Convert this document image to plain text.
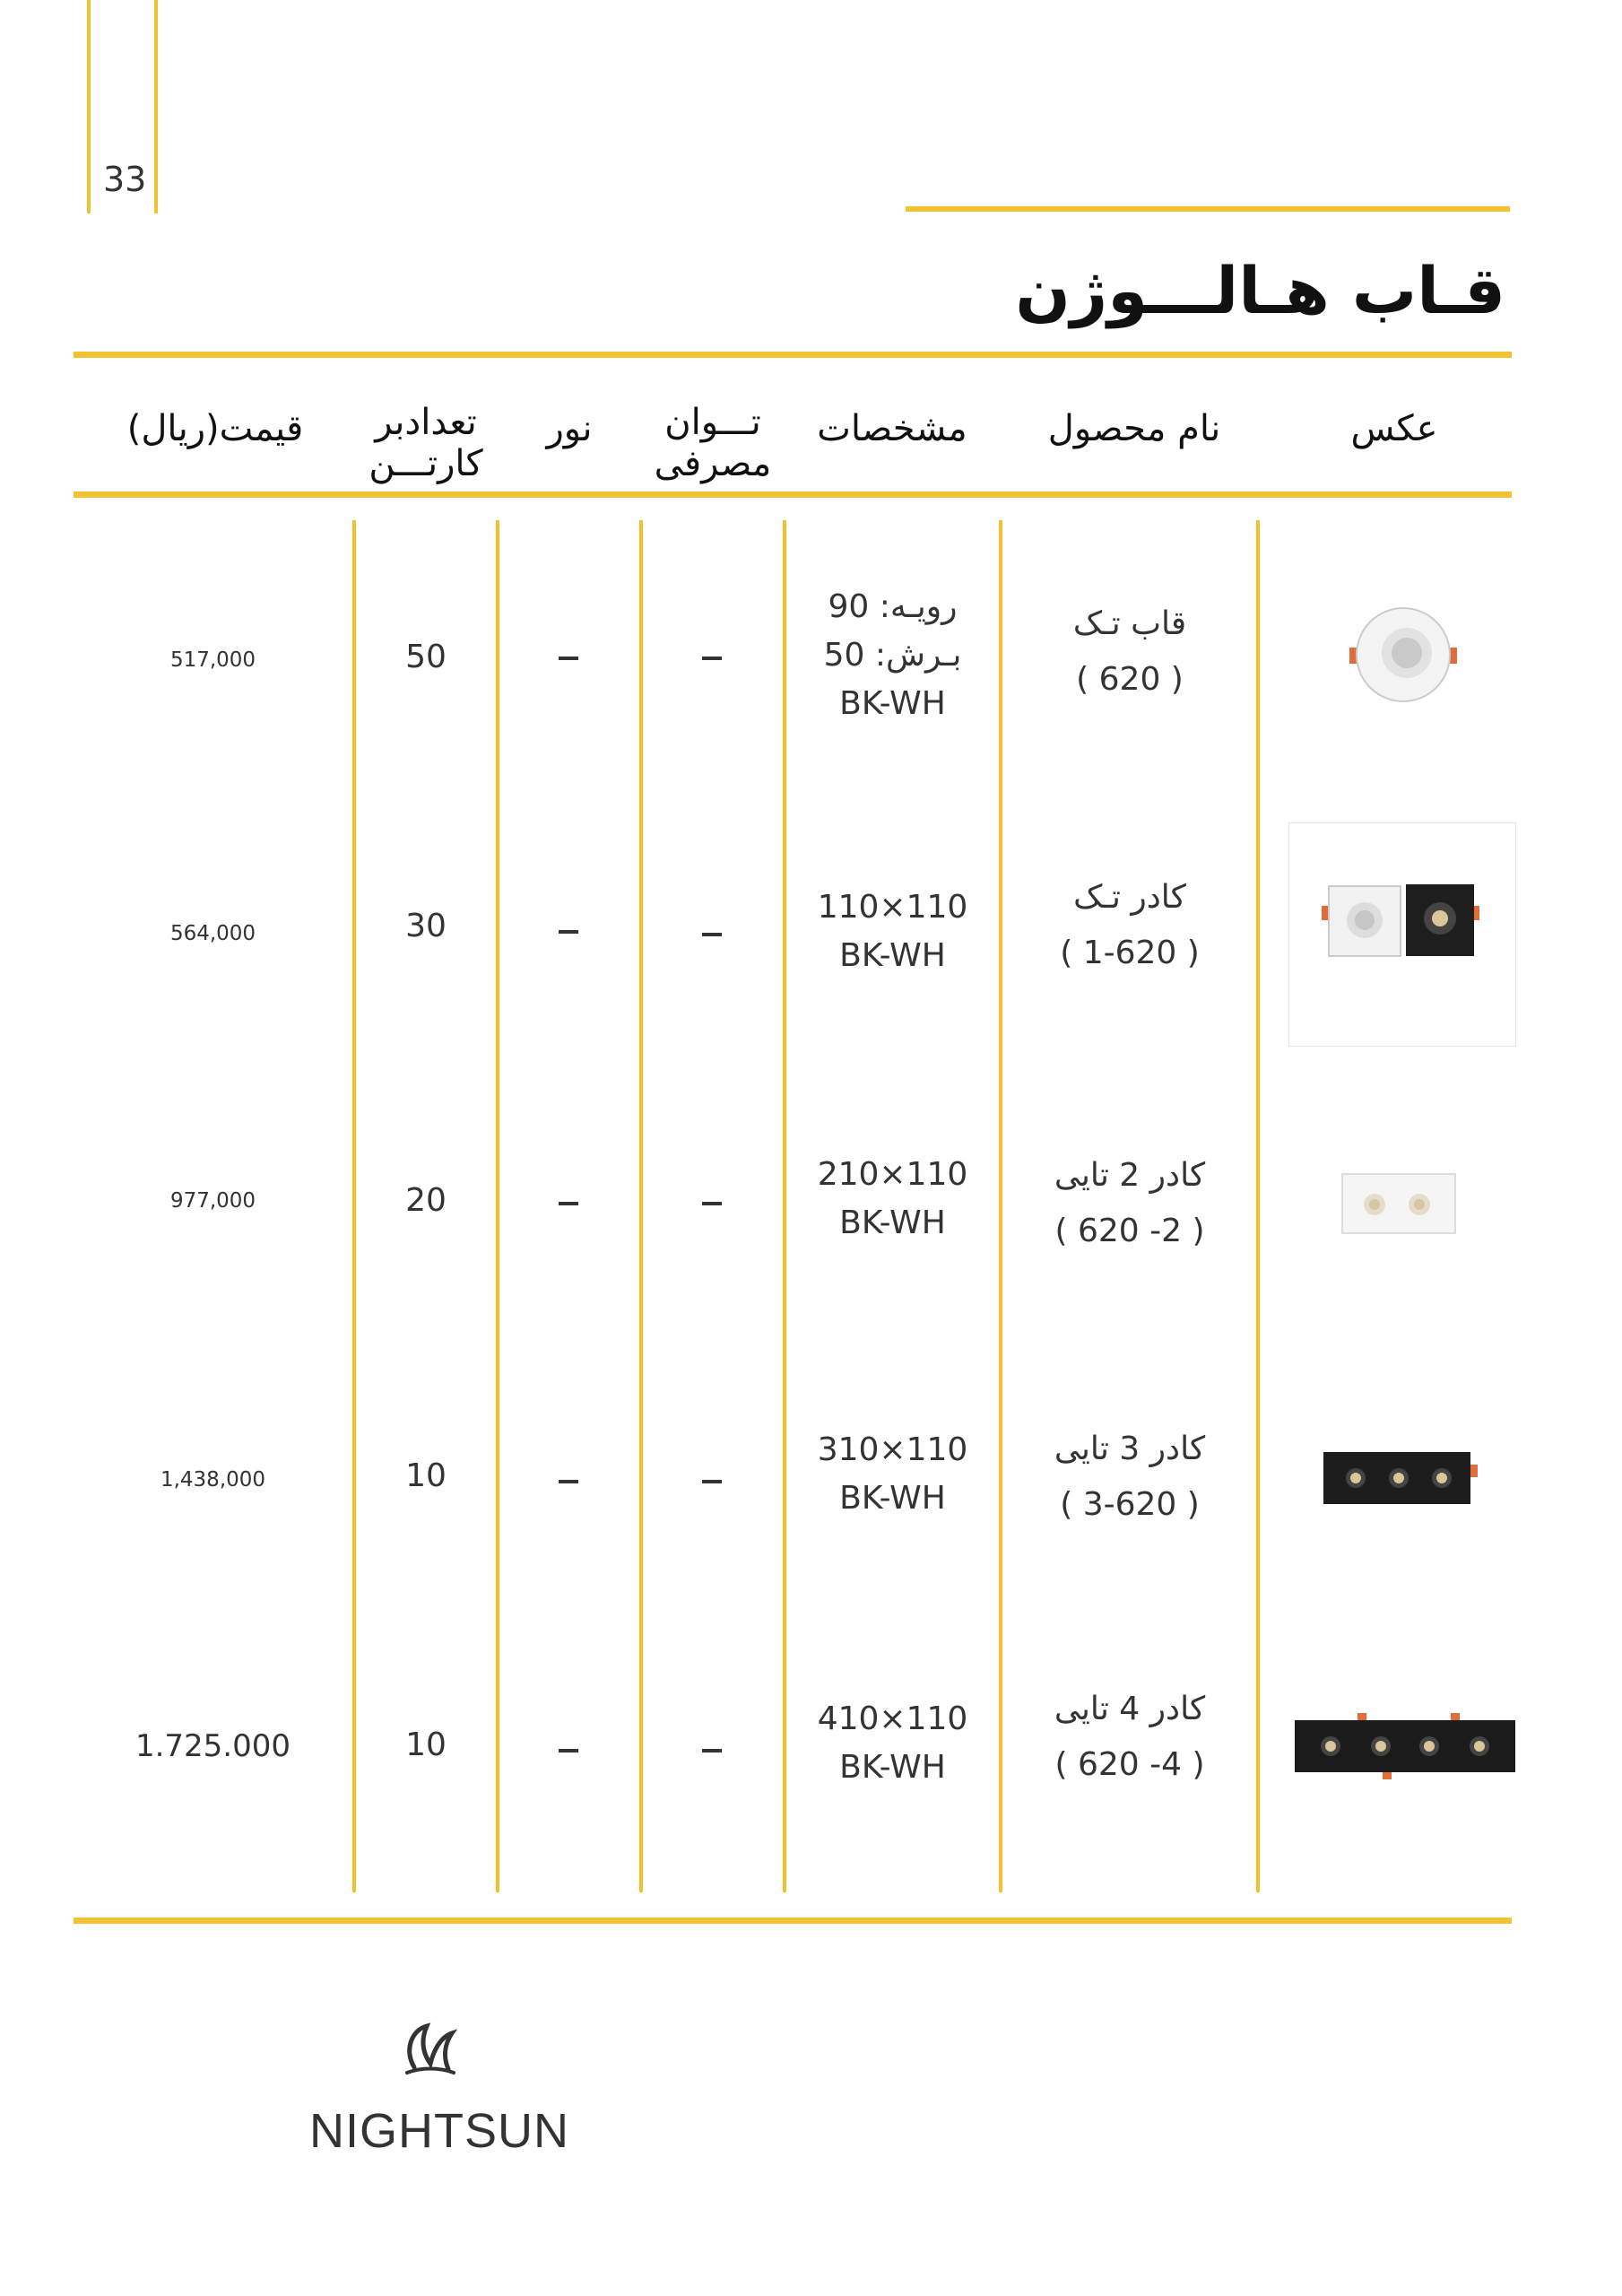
33
قـاب هـالـــوژن
عکس
نام محصول
مشخصات
تـــوان
مصرفی
نور
تعدادبر
کارتـــن
قیمت(ریال)
قاب تـک
( 620 )
رویـه: 90
بـرش: 50
BK-WH
50
517,000
کادر تـک
( 1-620 )
110×110
BK-WH
30
564,000
کادر 2 تایی
( 2- 620 )
110×210
BK-WH
20
977,000
کادر 3 تایی
( 3-620 )
110×310
BK-WH
10
1,438,000
کادر 4 تایی
( 4- 620 )
110×410
BK-WH
10
1.725.000
NIGHTSUN
